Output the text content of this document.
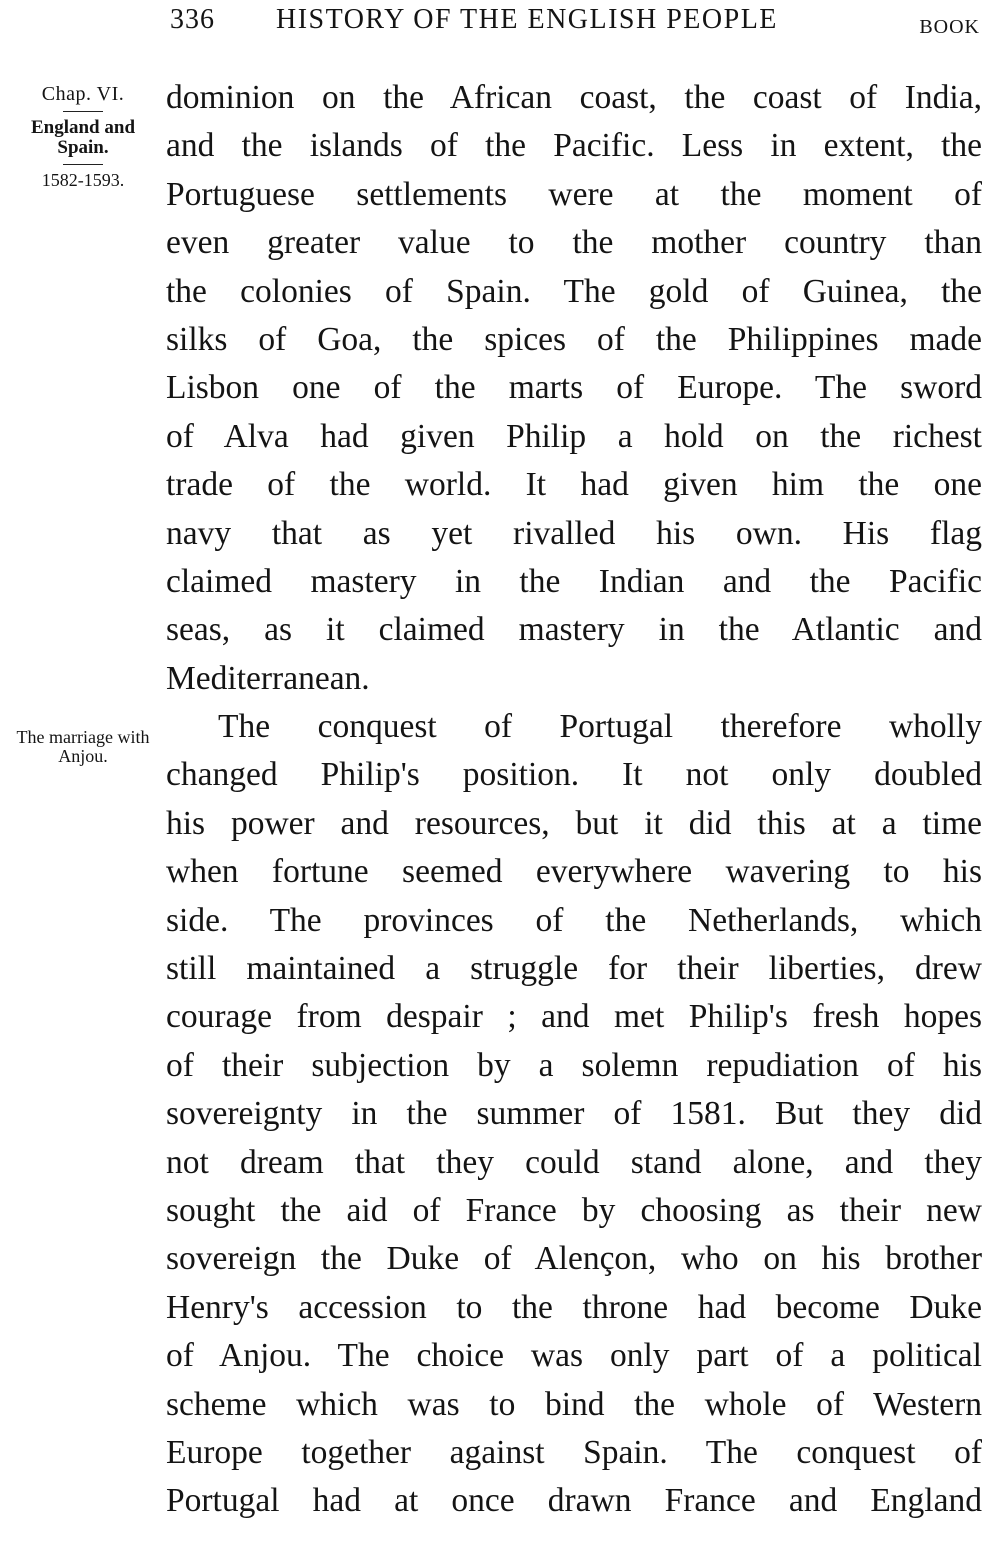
336 HISTORY OF THE ENGLISH PEOPLE	BOOK
Chap. VI.
England and Spain.
1582-1593.
The marriage with Anjou.
dominion on the African coast, the coast of India,
and the islands of the Pacific. Less in extent, the
Portuguese settlements were at the moment of
even greater value to the mother country than
the colonies of Spain. The gold of Guinea, the
silks of Goa, the spices of the Philippines made
Lisbon one of the marts of Europe. The sword
of Alva had given Philip a hold on the richest
trade of the world. It had given him the one
navy that as yet rivalled his own. His flag
claimed mastery in the Indian and the Pacific
seas, as it claimed mastery in the Atlantic and
Mediterranean.
The conquest of Portugal therefore wholly
changed Philip's position. It not only doubled
his power and resources, but it did this at a time
when fortune seemed everywhere wavering to his
side. The provinces of the Netherlands, which
still maintained a struggle for their liberties, drew
courage from despair ; and met Philip's fresh hopes
of their subjection by a solemn repudiation of his
sovereignty in the summer of 1581. But they did
not dream that they could stand alone, and they
sought the aid of France by choosing as their new
sovereign the Duke of Alençon, who on his brother
Henry's accession to the throne had become Duke
of Anjou. The choice was only part of a political
scheme which was to bind the whole of Western
Europe together against Spain. The conquest of
Portugal had at once drawn France and England
